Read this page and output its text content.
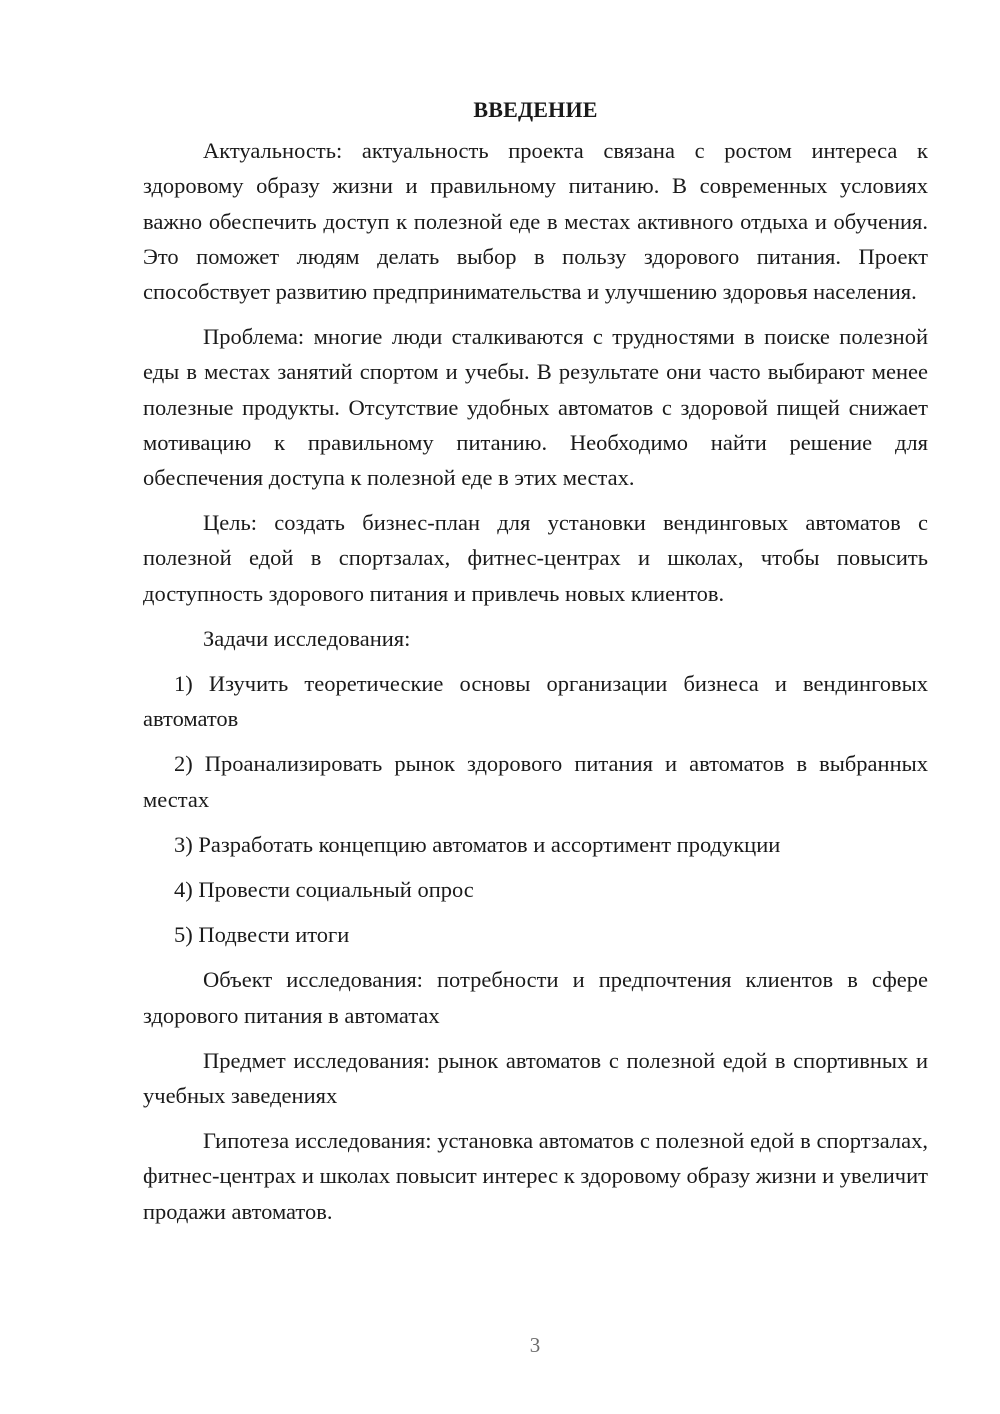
ВВЕДЕНИЕ

Актуальность: актуальность проекта связана с ростом интереса к здоровому образу жизни и правильному питанию. В современных условиях важно обеспечить доступ к полезной еде в местах активного отдыха и обучения. Это поможет людям делать выбор в пользу здорового питания. Проект способствует развитию предпринимательства и улучшению здоровья населения.

Проблема: многие люди сталкиваются с трудностями в поиске полезной еды в местах занятий спортом и учебы. В результате они часто выбирают менее полезные продукты. Отсутствие удобных автоматов с здоровой пищей снижает мотивацию к правильному питанию. Необходимо найти решение для обеспечения доступа к полезной еде в этих местах.

Цель: создать бизнес-план для установки вендинговых автоматов с полезной едой в спортзалах, фитнес-центрах и школах, чтобы повысить доступность здорового питания и привлечь новых клиентов.

Задачи исследования:

1) Изучить теоретические основы организации бизнеса и вендинговых автоматов

2) Проанализировать рынок здорового питания и автоматов в выбранных местах

3) Разработать концепцию автоматов и ассортимент продукции

4) Провести социальный опрос

5) Подвести итоги

Объект исследования: потребности и предпочтения клиентов в сфере здорового питания в автоматах

Предмет исследования: рынок автоматов с полезной едой в спортивных и учебных заведениях

Гипотеза исследования: установка автоматов с полезной едой в спортзалах, фитнес-центрах и школах повысит интерес к здоровому образу жизни и увеличит продажи автоматов.

3
